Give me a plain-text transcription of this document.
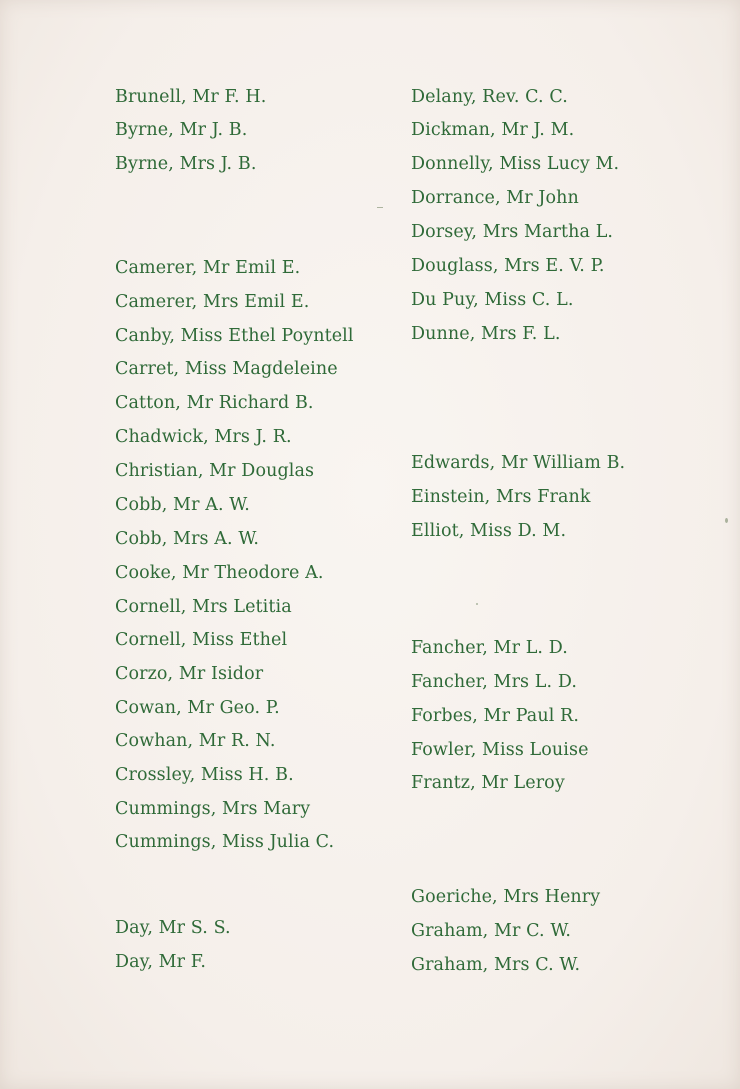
Brunell, Mr F. H.
Byrne, Mr J. B.
Byrne, Mrs J. B.
Camerer, Mr Emil E.
Camerer, Mrs Emil E.
Canby, Miss Ethel Poyntell
Carret, Miss Magdeleine
Catton, Mr Richard B.
Chadwick, Mrs J. R.
Christian, Mr Douglas
Cobb, Mr A. W.
Cobb, Mrs A. W.
Cooke, Mr Theodore A.
Cornell, Mrs Letitia
Cornell, Miss Ethel
Corzo, Mr Isidor
Cowan, Mr Geo. P.
Cowhan, Mr R. N.
Crossley, Miss H. B.
Cummings, Mrs Mary
Cummings, Miss Julia C.
Day, Mr S. S.
Day, Mr F.
Delany, Rev. C. C.
Dickman, Mr J. M.
Donnelly, Miss Lucy M.
Dorrance, Mr John
Dorsey, Mrs Martha L.
Douglass, Mrs E. V. P.
Du Puy, Miss C. L.
Dunne, Mrs F. L.
Edwards, Mr William B.
Einstein, Mrs Frank
Elliot, Miss D. M.
Fancher, Mr L. D.
Fancher, Mrs L. D.
Forbes, Mr Paul R.
Fowler, Miss Louise
Frantz, Mr Leroy
Goeriche, Mrs Henry
Graham, Mr C. W.
Graham, Mrs C. W.
